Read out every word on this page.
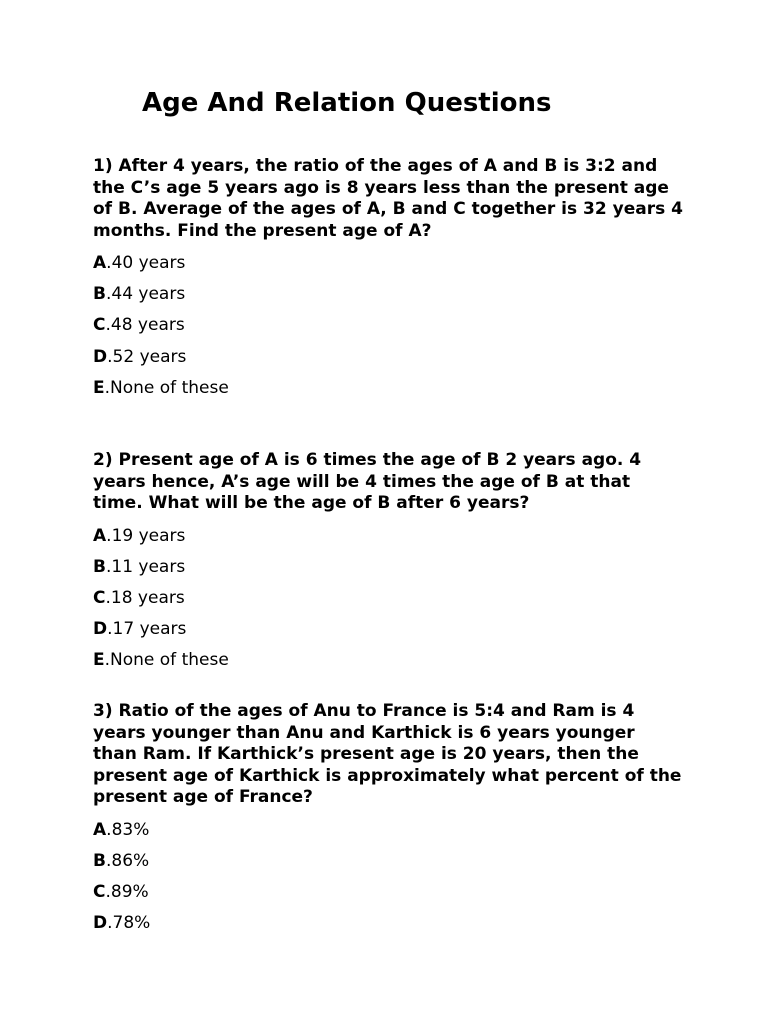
Age And Relation Questions

1) After 4 years, the ratio of the ages of A and B is 3:2 and the C’s age 5 years ago is 8 years less than the present age of B. Average of the ages of A, B and C together is 32 years 4 months. Find the present age of A?

A.40 years
B.44 years
C.48 years
D.52 years
E.None of these

2) Present age of A is 6 times the age of B 2 years ago. 4 years hence, A’s age will be 4 times the age of B at that time. What will be the age of B after 6 years?

A.19 years
B.11 years
C.18 years
D.17 years
E.None of these

3) Ratio of the ages of Anu to France is 5:4 and Ram is 4 years younger than Anu and Karthick is 6 years younger than Ram. If Karthick’s present age is 20 years, then the present age of Karthick is approximately what percent of the present age of France?

A.83%
B.86%
C.89%
D.78%
